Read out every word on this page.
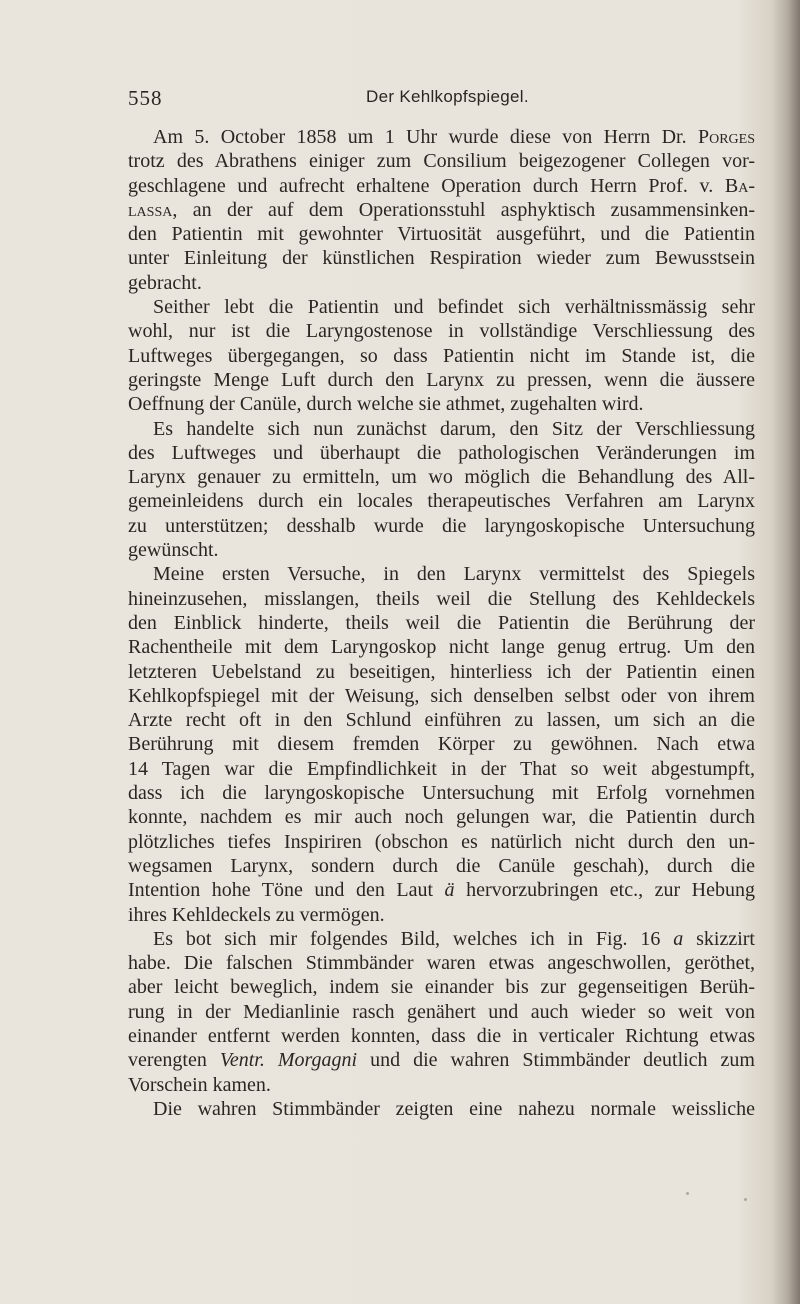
558	Der Kehlkopfspiegel.
Am 5. October 1858 um 1 Uhr wurde diese von Herrn Dr. Porges
trotz des Abrathens einiger zum Consilium beigezogener Collegen vor-
geschlagene und aufrecht erhaltene Operation durch Herrn Prof. v. Ba-
lassa, an der auf dem Operationsstuhl asphyktisch zusammensinken-
den Patientin mit gewohnter Virtuosität ausgeführt, und die Patientin
unter Einleitung der künstlichen Respiration wieder zum Bewusstsein
gebracht.
Seither lebt die Patientin und befindet sich verhältnissmässig sehr
wohl, nur ist die Laryngostenose in vollständige Verschliessung des
Luftweges übergegangen, so dass Patientin nicht im Stande ist, die
geringste Menge Luft durch den Larynx zu pressen, wenn die äussere
Oeffnung der Canüle, durch welche sie athmet, zugehalten wird.
Es handelte sich nun zunächst darum, den Sitz der Verschliessung
des Luftweges und überhaupt die pathologischen Veränderungen im
Larynx genauer zu ermitteln, um wo möglich die Behandlung des All-
gemeinleidens durch ein locales therapeutisches Verfahren am Larynx
zu unterstützen; desshalb wurde die laryngoskopische Untersuchung
gewünscht.
Meine ersten Versuche, in den Larynx vermittelst des Spiegels
hineinzusehen, misslangen, theils weil die Stellung des Kehldeckels
den Einblick hinderte, theils weil die Patientin die Berührung der
Rachentheile mit dem Laryngoskop nicht lange genug ertrug. Um den
letzteren Uebelstand zu beseitigen, hinterliess ich der Patientin einen
Kehlkopfspiegel mit der Weisung, sich denselben selbst oder von ihrem
Arzte recht oft in den Schlund einführen zu lassen, um sich an die
Berührung mit diesem fremden Körper zu gewöhnen. Nach etwa
14 Tagen war die Empfindlichkeit in der That so weit abgestumpft,
dass ich die laryngoskopische Untersuchung mit Erfolg vornehmen
konnte, nachdem es mir auch noch gelungen war, die Patientin durch
plötzliches tiefes Inspiriren (obschon es natürlich nicht durch den un-
wegsamen Larynx, sondern durch die Canüle geschah), durch die
Intention hohe Töne und den Laut ä hervorzubringen etc., zur Hebung
ihres Kehldeckels zu vermögen.
Es bot sich mir folgendes Bild, welches ich in Fig. 16 a skizzirt
habe. Die falschen Stimmbänder waren etwas angeschwollen, geröthet,
aber leicht beweglich, indem sie einander bis zur gegenseitigen Berüh-
rung in der Medianlinie rasch genähert und auch wieder so weit von
einander entfernt werden konnten, dass die in verticaler Richtung etwas
verengten Ventr. Morgagni und die wahren Stimmbänder deutlich zum
Vorschein kamen.
Die wahren Stimmbänder zeigten eine nahezu normale weissliche
